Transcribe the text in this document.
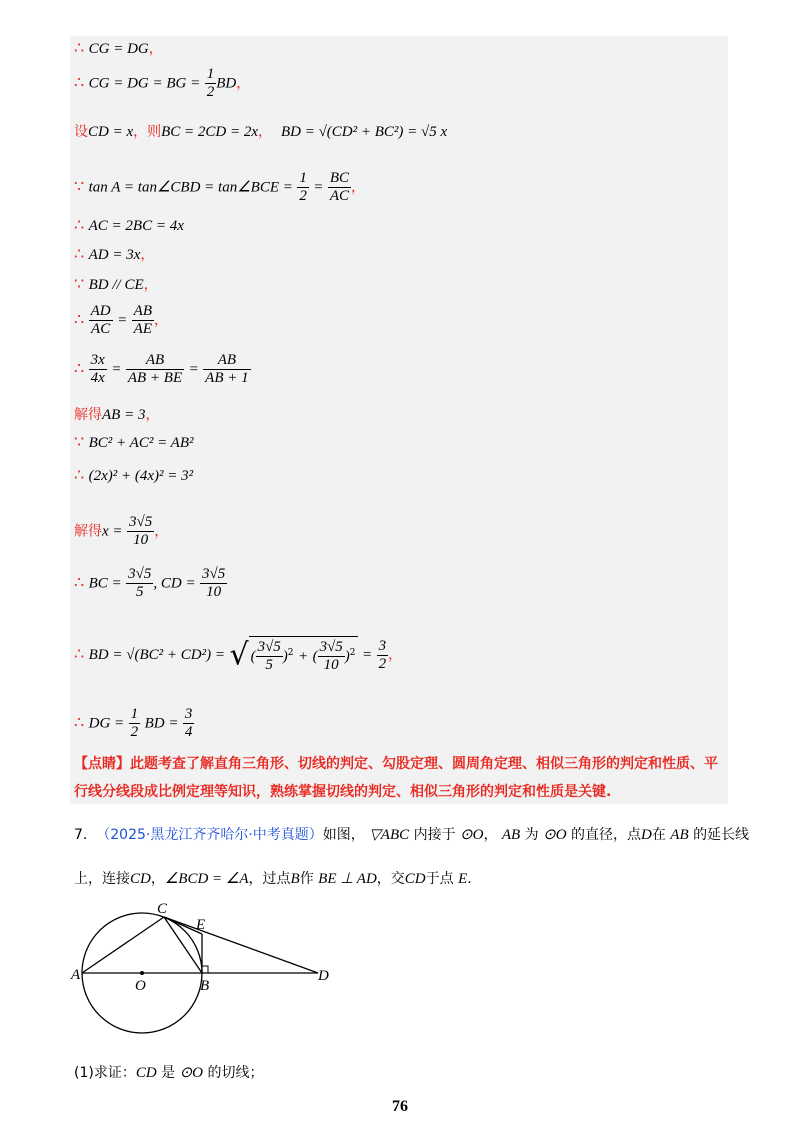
∴ CG = DG，
∴ CG = DG = BG = $\frac{1}{2}$ BD，
设CD = x，则BC = 2CD = 2x， BD = √(CD² + BC²) = √5 x
∵ tan A = tan∠CBD = tan∠BCE = $\frac{1}{2} = \frac{BC}{AC}$ ，
∴ AC = 2BC = 4x
∴ AD = 3x，
∵ BD // CE，
∴ $\frac{AD}{AC} = \frac{AB}{AE}$ ，
∴ $\frac{3x}{4x} = \frac{AB}{AB + BE} = \frac{AB}{AB + 1}$
解得AB = 3，
∵ BC² + AC² = AB²
∴ (2x)² + (4x)² = 3²
解得$x = \frac{3√5}{10}$ ，
∴ BC = $\frac{3√5}{5}$ , CD = $\frac{3√5}{10}$
∴ BD = √(BC² + CD²) = √ ( $\frac{3√5}{5} )^2$ + ( $\frac{3√5}{10} )^2 = \frac{3}{2}$ ，
∴ DG = $\frac{1}{2}$ BD = $\frac{3}{4}$
【点睛】此题考查了解直角三角形、切线的判定、勾股定理、圆周角定理、相似三角形的判定和性质、平行线分线段成比例定理等知识，熟练掌握切线的判定、相似三角形的判定和性质是关键.
7. （2025·黑龙江齐齐哈尔·中考真题）如图， ▽ABC 内接于 ⊙O， AB 为 ⊙O 的直径，点D在 AB 的延长线
上，连接CD，∠BCD = ∠A，过点B作 BE ⊥ AD，交CD于点 E.
C
E
A
O	B
D
(1)求证：CD 是 ⊙O 的切线；
76
